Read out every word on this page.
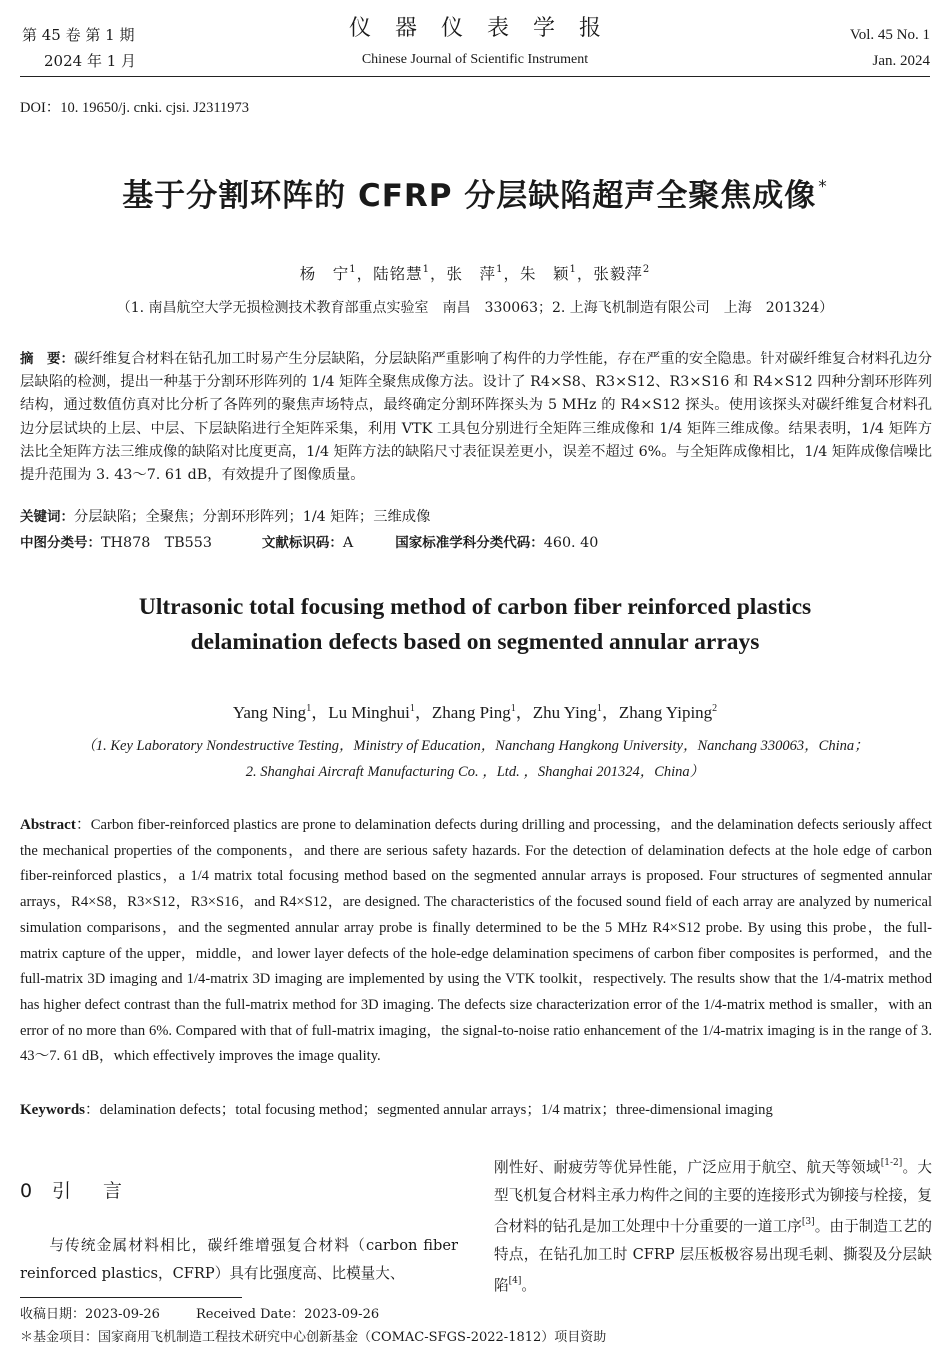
第 45 卷 第 1 期
2024 年 1 月
仪器仪表学报
Chinese Journal of Scientific Instrument
Vol. 45 No. 1
Jan. 2024
DOI：10. 19650/j. cnki. cjsi. J2311973
基于分割环阵的 CFRP 分层缺陷超声全聚焦成像 *
杨　宁$^1$，陆铭慧$^1$，张　萍$^1$，朱　颖$^1$，张毅萍$^2$
（1. 南昌航空大学无损检测技术教育部重点实验室　南昌　330063；2. 上海飞机制造有限公司　上海　201324）
摘　要：碳纤维复合材料在钻孔加工时易产生分层缺陷，分层缺陷严重影响了构件的力学性能，存在严重的安全隐患。针对碳纤维复合材料孔边分层缺陷的检测，提出一种基于分割环形阵列的 1/4 矩阵全聚焦成像方法。设计了 R4×S8、R3×S12、R3×S16 和 R4×S12 四种分割环形阵列结构，通过数值仿真对比分析了各阵列的聚焦声场特点，最终确定分割环阵探头为 5 MHz 的 R4×S12 探头。使用该探头对碳纤维复合材料孔边分层试块的上层、中层、下层缺陷进行全矩阵采集，利用 VTK 工具包分别进行全矩阵三维成像和 1/4 矩阵三维成像。结果表明，1/4 矩阵方法比全矩阵方法三维成像的缺陷对比度更高，1/4 矩阵方法的缺陷尺寸表征误差更小，误差不超过 6%。与全矩阵成像相比，1/4 矩阵成像信噪比提升范围为 3. 43～7. 61 dB，有效提升了图像质量。
关键词：分层缺陷；全聚焦；分割环形阵列；1/4 矩阵；三维成像
中图分类号：TH878　TB553	文献标识码：A	国家标准学科分类代码：460. 40
Ultrasonic total focusing method of carbon fiber reinforced plastics delamination defects based on segmented annular arrays
Yang Ning$^1$，Lu Minghui$^1$，Zhang Ping$^1$，Zhu Ying$^1$，Zhang Yiping$^2$
（1. Key Laboratory Nondestructive Testing，Ministry of Education，Nanchang Hangkong University，Nanchang 330063，China；
2. Shanghai Aircraft Manufacturing Co. ，Ltd. ，Shanghai 201324，China）
Abstract：Carbon fiber-reinforced plastics are prone to delamination defects during drilling and processing，and the delamination defects seriously affect the mechanical properties of the components，and there are serious safety hazards. For the detection of delamination defects at the hole edge of carbon fiber-reinforced plastics，a 1/4 matrix total focusing method based on the segmented annular arrays is proposed. Four structures of segmented annular arrays，R4×S8，R3×S12，R3×S16，and R4×S12，are designed. The characteristics of the focused sound field of each array are analyzed by numerical simulation comparisons，and the segmented annular array probe is finally determined to be the 5 MHz R4×S12 probe. By using this probe，the full-matrix capture of the upper，middle，and lower layer defects of the hole-edge delamination specimens of carbon fiber composites is performed，and the full-matrix 3D imaging and 1/4-matrix 3D imaging are implemented by using the VTK toolkit，respectively. The results show that the 1/4-matrix method has higher defect contrast than the full-matrix method for 3D imaging. The defects size characterization error of the 1/4-matrix method is smaller，with an error of no more than 6%. Compared with that of full-matrix imaging，the signal-to-noise ratio enhancement of the 1/4-matrix imaging is in the range of 3. 43～7. 61 dB，which effectively improves the image quality.
Keywords：delamination defects；total focusing method；segmented annular arrays；1/4 matrix；three-dimensional imaging
0 引言
与传统金属材料相比，碳纤维增强复合材料（carbon fiber reinforced plastics，CFRP）具有比强度高、比模量大、
刚性好、耐疲劳等优异性能，广泛应用于航空、航天等领域[1-2]。大型飞机复合材料主承力构件之间的主要的连接形式为铆接与栓接，复合材料的钻孔是加工处理中十分重要的一道工序[3]。由于制造工艺的特点，在钻孔加工时 CFRP 层压板极容易出现毛刺、撕裂及分层缺陷[4]。
收稿日期：2023-09-26	Received Date：2023-09-26
＊基金项目：国家商用飞机制造工程技术研究中心创新基金（COMAC-SFGS-2022-1812）项目资助
